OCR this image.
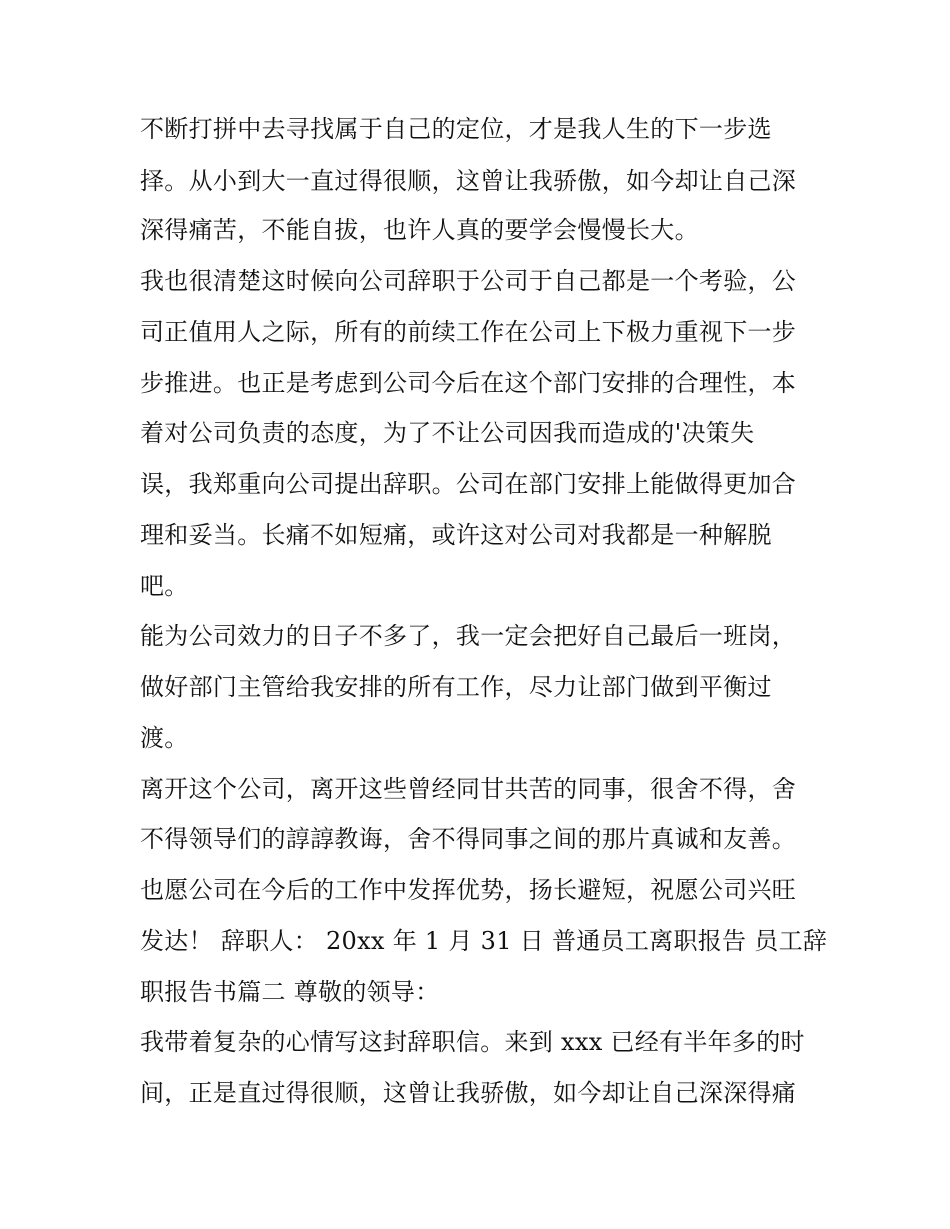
不断打拼中去寻找属于自己的定位，才是我人生的下一步选
择。从小到大一直过得很顺，这曾让我骄傲，如今却让自己深
深得痛苦，不能自拔，也许人真的要学会慢慢长大。
我也很清楚这时候向公司辞职于公司于自己都是一个考验，公
司正值用人之际，所有的前续工作在公司上下极力重视下一步
步推进。也正是考虑到公司今后在这个部门安排的合理性，本
着对公司负责的态度，为了不让公司因我而造成的'决策失
误，我郑重向公司提出辞职。公司在部门安排上能做得更加合
理和妥当。长痛不如短痛，或许这对公司对我都是一种解脱
吧。
能为公司效力的日子不多了，我一定会把好自己最后一班岗，
做好部门主管给我安排的所有工作，尽力让部门做到平衡过
渡。
离开这个公司，离开这些曾经同甘共苦的同事，很舍不得，舍
不得领导们的諄諄教诲，舍不得同事之间的那片真诚和友善。
也愿公司在今后的工作中发挥优势，扬长避短，祝愿公司兴旺
发达！ 辞职人： 20xx 年 1 月 31 日 普通员工离职报告 员工辞
职报告书篇二 尊敬的领导：
我带着复杂的心情写这封辞职信。来到 xxx 已经有半年多的时
间，正是直过得很顺，这曾让我骄傲，如今却让自己深深得痛
